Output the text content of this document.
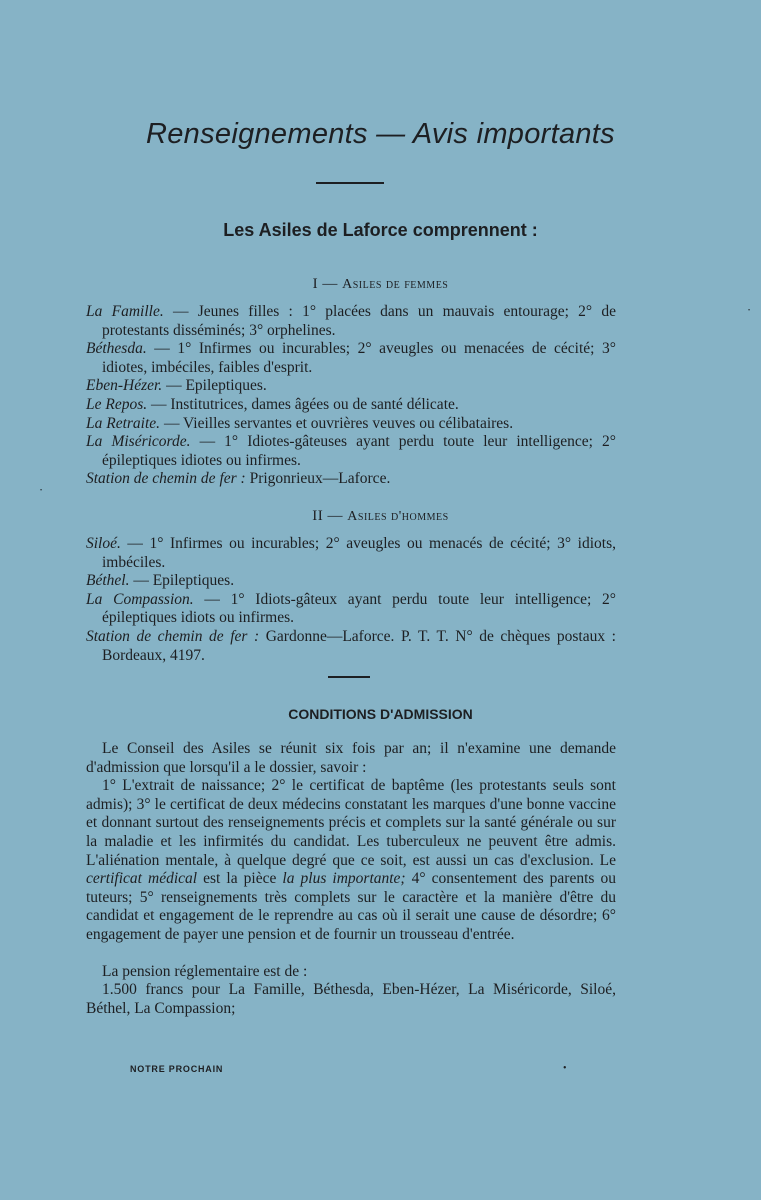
Renseignements — Avis importants
Les Asiles de Laforce comprennent :
I — Asiles de femmes

La Famille. — Jeunes filles : 1° placées dans un mauvais entourage; 2° de protestants disséminés; 3° orphelines.

Béthesda. — 1° Infirmes ou incurables; 2° aveugles ou menacées de cécité; 3° idiotes, imbéciles, faibles d'esprit.

Eben-Hézer. — Epileptiques.

Le Repos. — Institutrices, dames âgées ou de santé délicate.

La Retraite. — Vieilles servantes et ouvrières veuves ou célibataires.

La Miséricorde. — 1° Idiotes-gâteuses ayant perdu toute leur intelligence; 2° épileptiques idiotes ou infirmes.

Station de chemin de fer : Prigonrieux—Laforce.

II — Asiles d'hommes

Siloé. — 1° Infirmes ou incurables; 2° aveugles ou menacés de cécité; 3° idiots, imbéciles.

Béthel. — Epileptiques.

La Compassion. — 1° Idiots-gâteux ayant perdu toute leur intelligence; 2° épileptiques idiots ou infirmes.

Station de chemin de fer : Gardonne—Laforce. P. T. T. N° de chèques postaux : Bordeaux, 4197.

CONDITIONS D'ADMISSION

Le Conseil des Asiles se réunit six fois par an; il n'examine une demande d'admission que lorsqu'il a le dossier, savoir :

1° L'extrait de naissance; 2° le certificat de baptême (les protestants seuls sont admis); 3° le certificat de deux médecins constatant les marques d'une bonne vaccine et donnant surtout des renseignements précis et complets sur la santé générale ou sur la maladie et les infirmités du candidat. Les tuberculeux ne peuvent être admis. L'aliénation mentale, à quelque degré que ce soit, est aussi un cas d'exclusion. Le certificat médical est la pièce la plus importante; 4° consentement des parents ou tuteurs; 5° renseignements très complets sur le caractère et la manière d'être du candidat et engagement de le reprendre au cas où il serait une cause de désordre; 6° engagement de payer une pension et de fournir un trousseau d'entrée.

La pension réglementaire est de :

1.500 francs pour La Famille, Béthesda, Eben-Hézer, La Miséricorde, Siloé, Béthel, La Compassion;

NOTRE PROCHAIN	•
•
•
